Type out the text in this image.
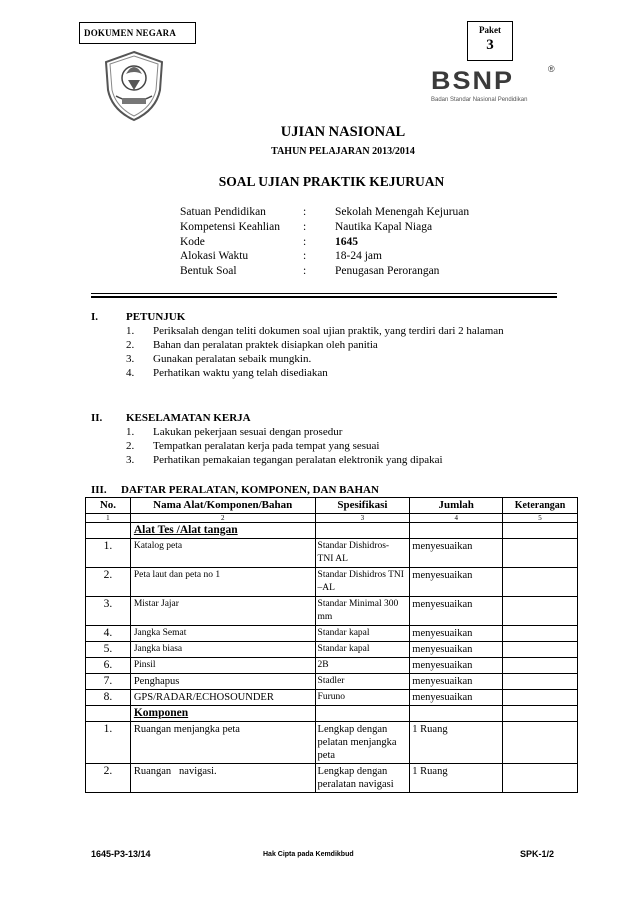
DOKUMEN NEGARA	Paket
3
BSNP	®
Badan Standar Nasional Pendidikan
UJIAN NASIONAL
TAHUN PELAJARAN 2013/2014
SOAL UJIAN PRAKTIK KEJURUAN
Satuan Pendidikan	:	Sekolah Menengah Kejuruan
Kompetensi Keahlian	:	Nautika Kapal Niaga
Kode	:	1645
Alokasi Waktu	:	18-24 jam
Bentuk Soal	:	Penugasan Perorangan
I.	PETUNJUK
1.	Periksalah dengan teliti dokumen soal ujian praktik, yang terdiri dari 2 halaman
2.	Bahan dan peralatan praktek disiapkan oleh panitia
3.	Gunakan peralatan sebaik mungkin.
4.	Perhatikan waktu yang telah disediakan
II.	KESELAMATAN KERJA
1.	Lakukan pekerjaan sesuai dengan prosedur
2.	Tempatkan peralatan kerja pada tempat yang sesuai
3.	Perhatikan pemakaian tegangan peralatan elektronik yang dipakai
III.	DAFTAR PERALATAN, KOMPONEN, DAN BAHAN
No.	Nama Alat/Komponen/Bahan	Spesifikasi	Jumlah	Keterangan
1	2	3	4	5
	Alat Tes /Alat tangan			
1.	Katalog peta	Standar Dishidros-TNI AL	menyesuaikan	
2.	Peta laut dan peta no 1	Standar Dishidros TNI –AL	menyesuaikan	
3.	Mistar Jajar	Standar Minimal 300 mm	menyesuaikan	
4.	Jangka Semat	Standar kapal	menyesuaikan	
5.	Jangka biasa	Standar kapal	menyesuaikan	
6.	Pinsil	2B	menyesuaikan	
7.	Penghapus	Stadler	menyesuaikan	
8.	GPS/RADAR/ECHOSOUNDER	Furuno	menyesuaikan	
	Komponen			
1.	Ruangan menjangka peta	Lengkap dengan pelatan menjangka peta	1 Ruang	
2.	Ruangan   navigasi.	Lengkap dengan peralatan navigasi	1 Ruang	
1645-P3-13/14	Hak Cipta pada Kemdikbud	SPK-1/2
